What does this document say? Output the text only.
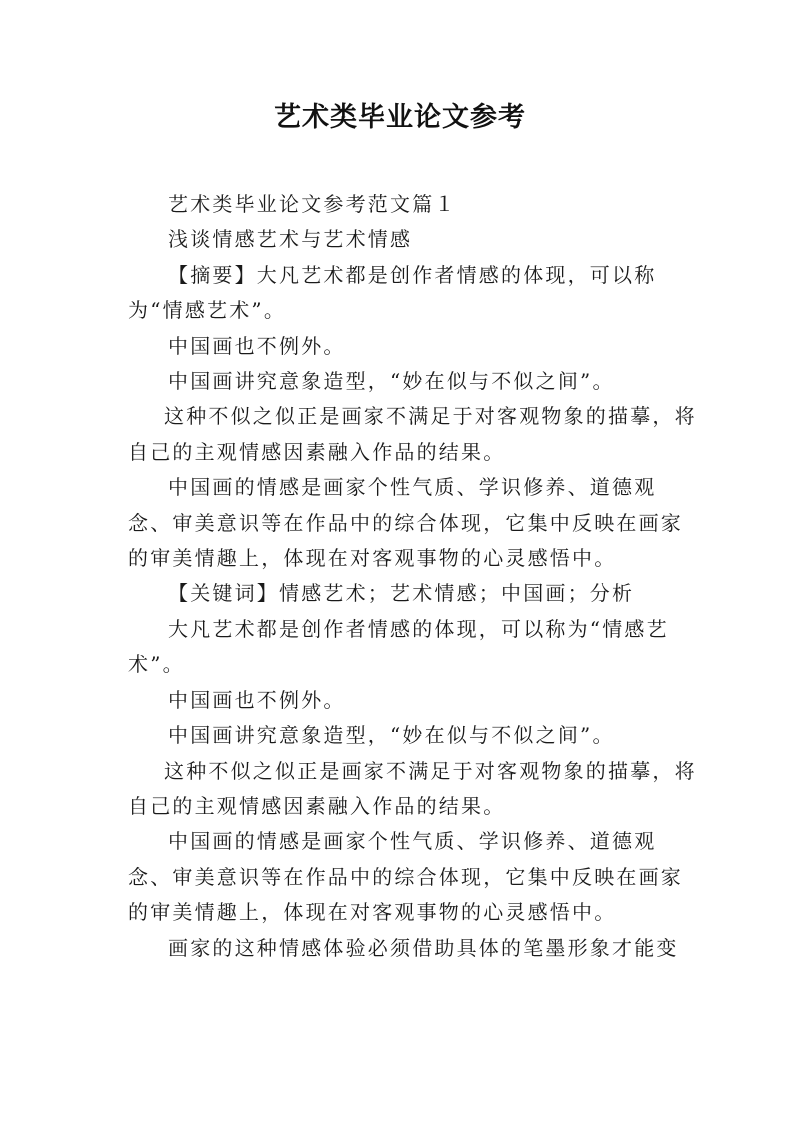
艺术类毕业论文参考

艺术类毕业论文参考范文篇１

浅谈情感艺术与艺术情感

【摘要】大凡艺术都是创作者情感的体现，可以称为“情感艺术”。

中国画也不例外。

中国画讲究意象造型，“妙在似与不似之间”。

这种不似之似正是画家不满足于对客观物象的描摹，将自己的主观情感因素融入作品的结果。

中国画的情感是画家个性气质、学识修养、道德观念、审美意识等在作品中的综合体现，它集中反映在画家的审美情趣上，体现在对客观事物的心灵感悟中。

【关键词】情感艺术；艺术情感；中国画；分析

大凡艺术都是创作者情感的体现，可以称为“情感艺术”。

中国画也不例外。

中国画讲究意象造型，“妙在似与不似之间”。

这种不似之似正是画家不满足于对客观物象的描摹，将自己的主观情感因素融入作品的结果。

中国画的情感是画家个性气质、学识修养、道德观念、审美意识等在作品中的综合体现，它集中反映在画家的审美情趣上，体现在对客观事物的心灵感悟中。

画家的这种情感体验必须借助具体的笔墨形象才能变
